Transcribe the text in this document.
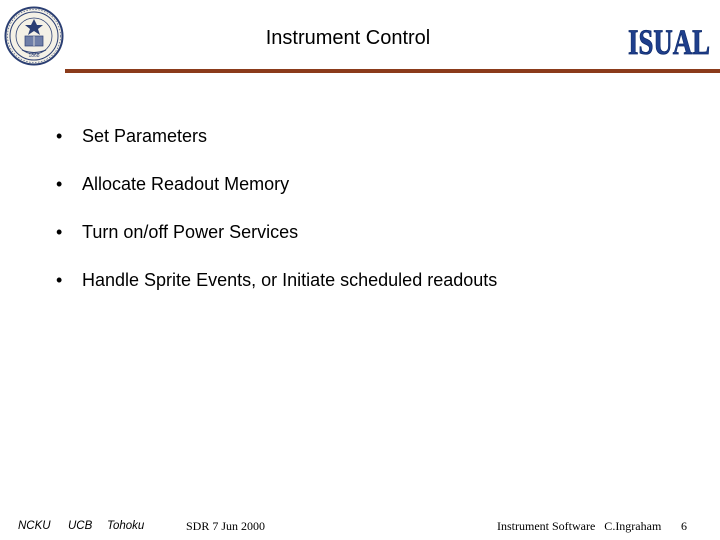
1868
Instrument Control	ISUAL
• Set Parameters
• Allocate Readout Memory
• Turn on/off Power Services
• Handle Sprite Events, or Initiate scheduled readouts
NCKU UCB Tohoku	SDR 7 Jun 2000	Instrument Software   C.Ingraham 6
